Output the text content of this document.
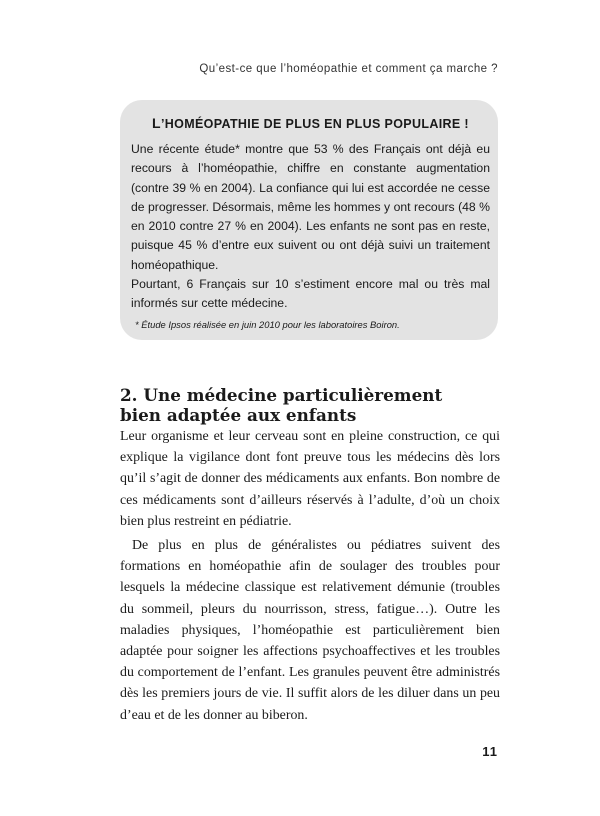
Qu’est-ce que l’homéopathie et comment ça marche ?
L’HOMÉOPATHIE DE PLUS EN PLUS POPULAIRE !

Une récente étude* montre que 53 % des Français ont déjà eu recours à l’homéopathie, chiffre en constante augmentation (contre 39 % en 2004). La confiance qui lui est accordée ne cesse de progresser. Désormais, même les hommes y ont recours (48 % en 2010 contre 27 % en 2004). Les enfants ne sont pas en reste, puisque 45 % d’entre eux suivent ou ont déjà suivi un traitement homéopathique.

Pourtant, 6 Français sur 10 s’estiment encore mal ou très mal informés sur cette médecine.

* Étude Ipsos réalisée en juin 2010 pour les laboratoires Boiron.
2. Une médecine particulièrement
bien adaptée aux enfants

Leur organisme et leur cerveau sont en pleine construction, ce qui explique la vigilance dont font preuve tous les médecins dès lors qu’il s’agit de donner des médicaments aux enfants. Bon nombre de ces médicaments sont d’ailleurs réservés à l’adulte, d’où un choix bien plus restreint en pédiatrie.

De plus en plus de généralistes ou pédiatres suivent des formations en homéopathie afin de soulager des troubles pour lesquels la médecine classique est relativement démunie (troubles du sommeil, pleurs du nourrisson, stress, fatigue…). Outre les maladies physiques, l’homéopathie est particulièrement bien adaptée pour soigner les affections psychoaffectives et les troubles du comportement de l’enfant. Les granules peuvent être administrés dès les premiers jours de vie. Il suffit alors de les diluer dans un peu d’eau et de les donner au biberon.

11
